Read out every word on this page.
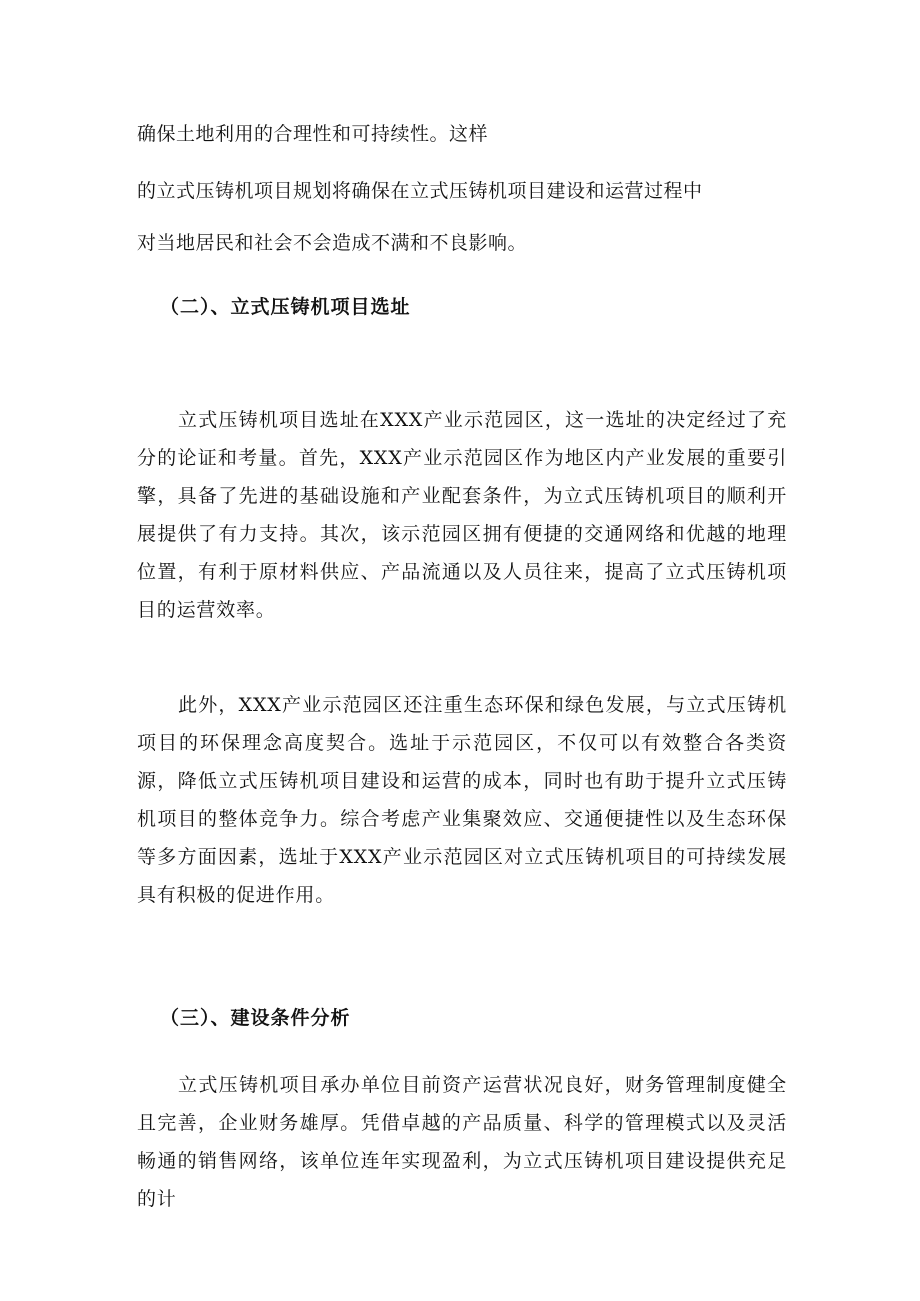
确保土地利用的合理性和可持续性。这样
的立式压铸机项目规划将确保在立式压铸机项目建设和运营过程中
对当地居民和社会不会造成不满和不良影响。
（二）、立式压铸机项目选址

立式压铸机项目选址在XXX产业示范园区，这一选址的决定经过了充分的论证和考量。首先，XXX产业示范园区作为地区内产业发展的重要引擎，具备了先进的基础设施和产业配套条件，为立式压铸机项目的顺利开展提供了有力支持。其次，该示范园区拥有便捷的交通网络和优越的地理位置，有利于原材料供应、产品流通以及人员往来，提高了立式压铸机项目的运营效率。

此外，XXX产业示范园区还注重生态环保和绿色发展，与立式压铸机项目的环保理念高度契合。选址于示范园区，不仅可以有效整合各类资源，降低立式压铸机项目建设和运营的成本，同时也有助于提升立式压铸机项目的整体竞争力。综合考虑产业集聚效应、交通便捷性以及生态环保等多方面因素，选址于XXX产业示范园区对立式压铸机项目的可持续发展具有积极的促进作用。

（三）、建设条件分析

立式压铸机项目承办单位目前资产运营状况良好，财务管理制度健全且完善，企业财务雄厚。凭借卓越的产品质量、科学的管理模式以及灵活畅通的销售网络，该单位连年实现盈利，为立式压铸机项目建设提供充足的计
